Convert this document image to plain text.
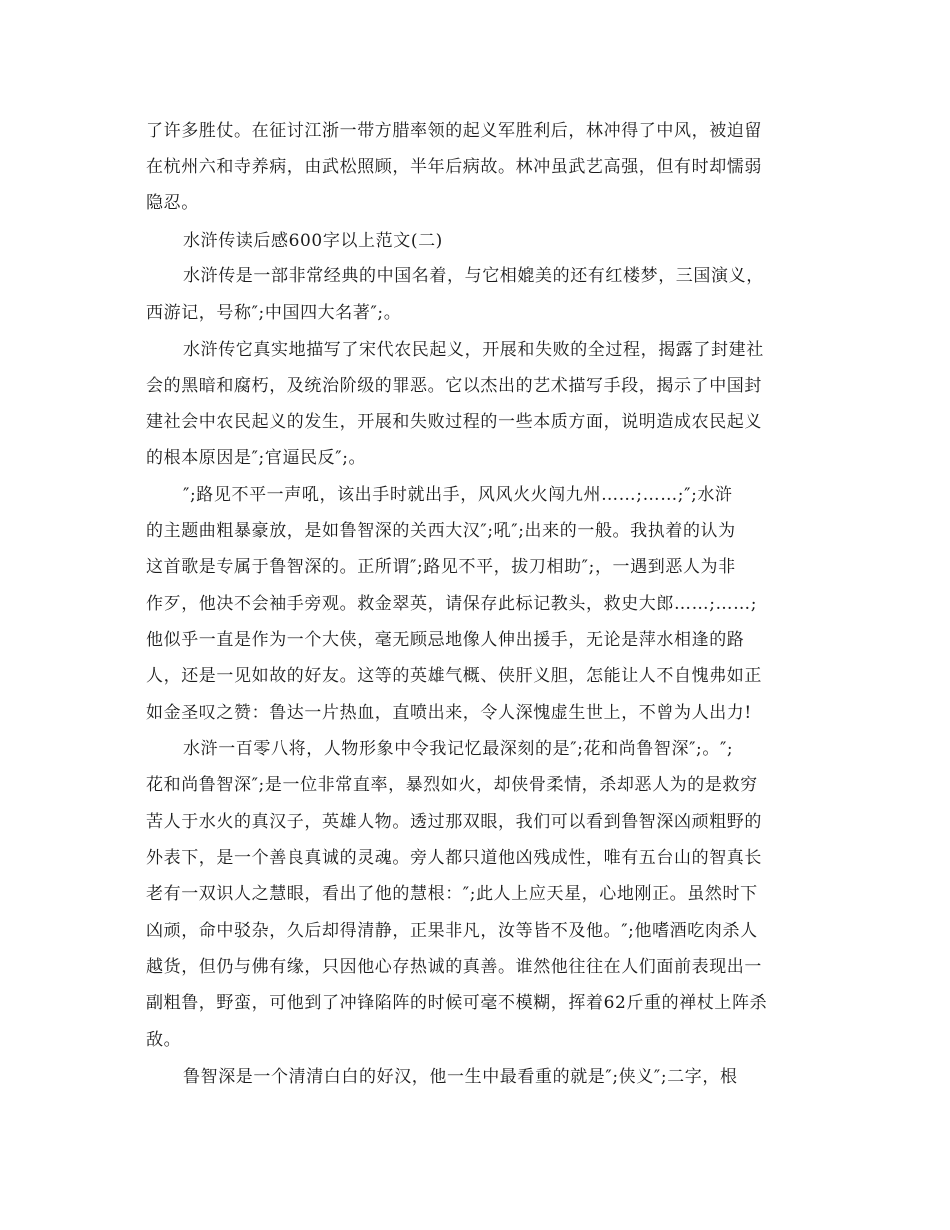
了许多胜仗。在征讨江浙一带方腊率领的起义军胜利后，林冲得了中风，被迫留
在杭州六和寺养病，由武松照顾，半年后病故。林冲虽武艺高强，但有时却懦弱
隐忍。
水浒传读后感600字以上范文(二)
水浒传是一部非常经典的中国名着，与它相媲美的还有红楼梦，三国演义，
西游记，号称″;中国四大名著″;。
水浒传它真实地描写了宋代农民起义，开展和失败的全过程，揭露了封建社
会的黑暗和腐朽，及统治阶级的罪恶。它以杰出的艺术描写手段，揭示了中国封
建社会中农民起义的发生，开展和失败过程的一些本质方面，说明造成农民起义
的根本原因是″;官逼民反″;。
″;路见不平一声吼，该出手时就出手，风风火火闯九州……;……;″;水浒
的主题曲粗暴豪放，是如鲁智深的关西大汉″;吼″;出来的一般。我执着的认为
这首歌是专属于鲁智深的。正所谓″;路见不平，拔刀相助″;，一遇到恶人为非
作歹，他决不会袖手旁观。救金翠英，请保存此标记教头，救史大郎……;……;
他似乎一直是作为一个大侠，毫无顾忌地像人伸出援手，无论是萍水相逢的路
人，还是一见如故的好友。这等的英雄气概、侠肝义胆，怎能让人不自愧弗如正
如金圣叹之赞：鲁达一片热血，直喷出来，令人深愧虚生世上，不曾为人出力!
水浒一百零八将，人物形象中令我记忆最深刻的是″;花和尚鲁智深″;。″;
花和尚鲁智深″;是一位非常直率，暴烈如火，却侠骨柔情，杀却恶人为的是救穷
苦人于水火的真汉子，英雄人物。透过那双眼，我们可以看到鲁智深凶顽粗野的
外表下，是一个善良真诚的灵魂。旁人都只道他凶残成性，唯有五台山的智真长
老有一双识人之慧眼，看出了他的慧根：″;此人上应天星，心地刚正。虽然时下
凶顽，命中驳杂，久后却得清静，正果非凡，汝等皆不及他。″;他嗜酒吃肉杀人
越货，但仍与佛有缘，只因他心存热诚的真善。谁然他往往在人们面前表现出一
副粗鲁，野蛮，可他到了冲锋陷阵的时候可毫不模糊，挥着62斤重的禅杖上阵杀
敌。
鲁智深是一个清清白白的好汉，他一生中最看重的就是″;侠义″;二字，根
